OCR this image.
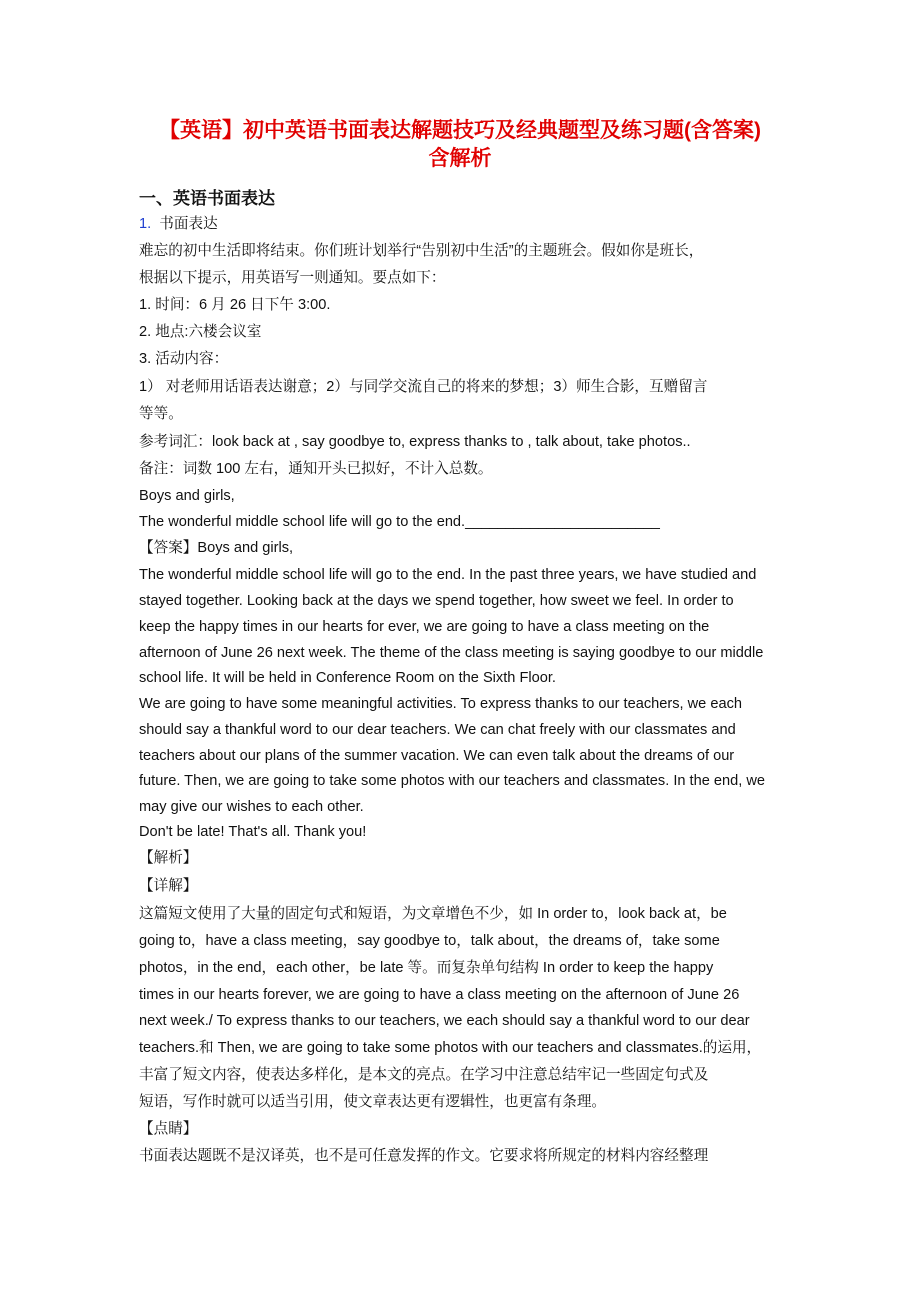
【英语】初中英语书面表达解题技巧及经典题型及练习题(含答案)
含解析
一、英语书面表达
1. 书面表达
难忘的初中生活即将结束。你们班计划举行“告别初中生活”的主题班会。假如你是班长，
根据以下提示，用英语写一则通知。要点如下：
1. 时间：6 月 26 日下午 3:00.
2. 地点:六楼会议室
3. 活动内容：
1） 对老师用话语表达谢意；2）与同学交流自己的将来的梦想；3）师生合影，互赠留言
等等。
参考词汇：look back at , say goodbye to, express thanks to , talk about, take photos..
备注：词数 100 左右，通知开头已拟好，不计入总数。
Boys and girls,
The wonderful middle school life will go to the end.________________________
【答案】Boys and girls,
The wonderful middle school life will go to the end. In the past three years, we have studied and
stayed together. Looking back at the days we spend together, how sweet we feel. In order to
keep the happy times in our hearts for ever, we are going to have a class meeting on the
afternoon of June 26 next week. The theme of the class meeting is saying goodbye to our middle
school life. It will be held in Conference Room on the Sixth Floor.
We are going to have some meaningful activities. To express thanks to our teachers, we each
should say a thankful word to our dear teachers. We can chat freely with our classmates and
teachers about our plans of the summer vacation. We can even talk about the dreams of our
future. Then, we are going to take some photos with our teachers and classmates. In the end, we
may give our wishes to each other.
Don't be late! That's all. Thank you!
【解析】
【详解】
这篇短文使用了大量的固定句式和短语，为文章增色不少，如 In order to，look back at，be
going to，have a class meeting，say goodbye to，talk about，the dreams of，take some
photos，in the end，each other，be late 等。而复杂单句结构 In order to keep the happy
times in our hearts forever, we are going to have a class meeting on the afternoon of June 26
next week./ To express thanks to our teachers, we each should say a thankful word to our dear
teachers.和 Then, we are going to take some photos with our teachers and classmates.的运用，
丰富了短文内容，使表达多样化，是本文的亮点。在学习中注意总结牢记一些固定句式及
短语，写作时就可以适当引用，使文章表达更有逻辑性，也更富有条理。
【点睛】
书面表达题既不是汉译英，也不是可任意发挥的作文。它要求将所规定的材料内容经整理
